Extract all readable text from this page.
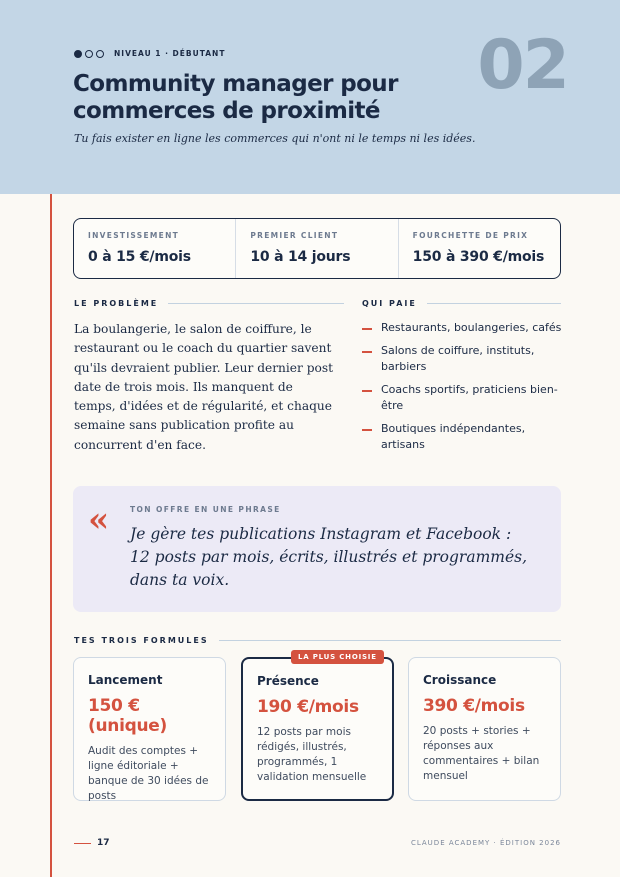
NIVEAU 1 · DÉBUTANT	02
Community manager pour commerces de proximité

Tu fais exister en ligne les commerces qui n'ont ni le temps ni les idées.

INVESTISSEMENT
0 à 15 €/mois
PREMIER CLIENT
10 à 14 jours
FOURCHETTE DE PRIX
150 à 390 €/mois
LE PROBLÈME

La boulangerie, le salon de coiffure, le restaurant ou le coach du quartier savent qu'ils devraient publier. Leur dernier post date de trois mois. Ils manquent de temps, d'idées et de régularité, et chaque semaine sans publication profite au concurrent d'en face.

QUI PAIE
Restaurants, boulangeries, cafés
Salons de coiffure, instituts, barbiers
Coachs sportifs, praticiens bien-être
Boutiques indépendantes, artisans
«	TON OFFRE EN UNE PHRASE

Je gère tes publications Instagram et Facebook : 12 posts par mois, écrits, illustrés et programmés, dans ta voix.

TES TROIS FORMULES
Lancement
150 € (unique)
Audit des comptes + ligne éditoriale + banque de 30 idées de posts
LA PLUS CHOISIE
Présence
190 €/mois
12 posts par mois rédigés, illustrés, programmés, 1 validation mensuelle
Croissance
390 €/mois
20 posts + stories + réponses aux commentaires + bilan mensuel
17	CLAUDE ACADEMY · ÉDITION 2026
